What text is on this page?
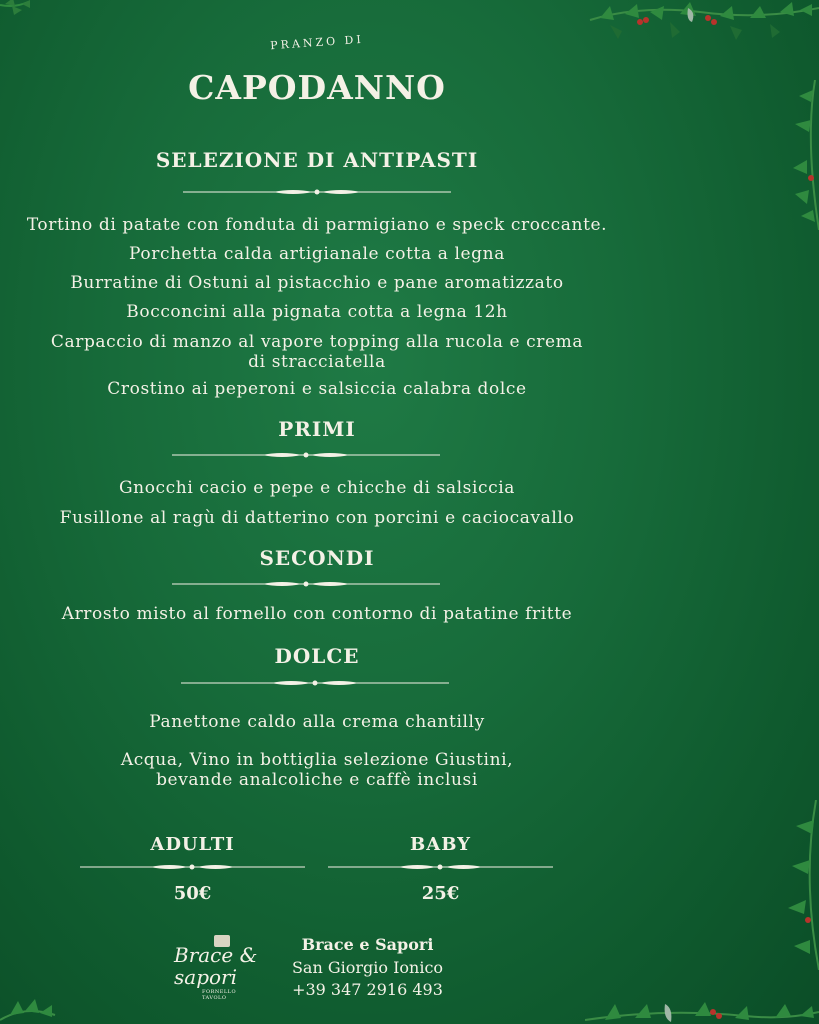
PRANZO DI
CAPODANNO
SELEZIONE DI ANTIPASTI
Tortino di patate con fonduta di parmigiano e speck croccante.
Porchetta calda artigianale cotta a legna
Burratine di Ostuni al pistacchio e pane aromatizzato
Bocconcini alla pignata cotta a legna 12h
Carpaccio di manzo al vapore topping alla rucola e crema
di stracciatella
Crostino ai peperoni e salsiccia calabra dolce
PRIMI
Gnocchi cacio e pepe e chicche di salsiccia
Fusillone al ragù di datterino con porcini e caciocavallo
SECONDI
Arrosto misto al fornello con contorno di patatine fritte
DOLCE
Panettone caldo alla crema chantilly
Acqua, Vino in bottiglia selezione Giustini,
bevande analcoliche e caffè inclusi
ADULTI
50€
BABY
25€
Brace &
sapori
FORNELLO TAVOLO
Brace e Sapori
San Giorgio Ionico
+39 347 2916 493
